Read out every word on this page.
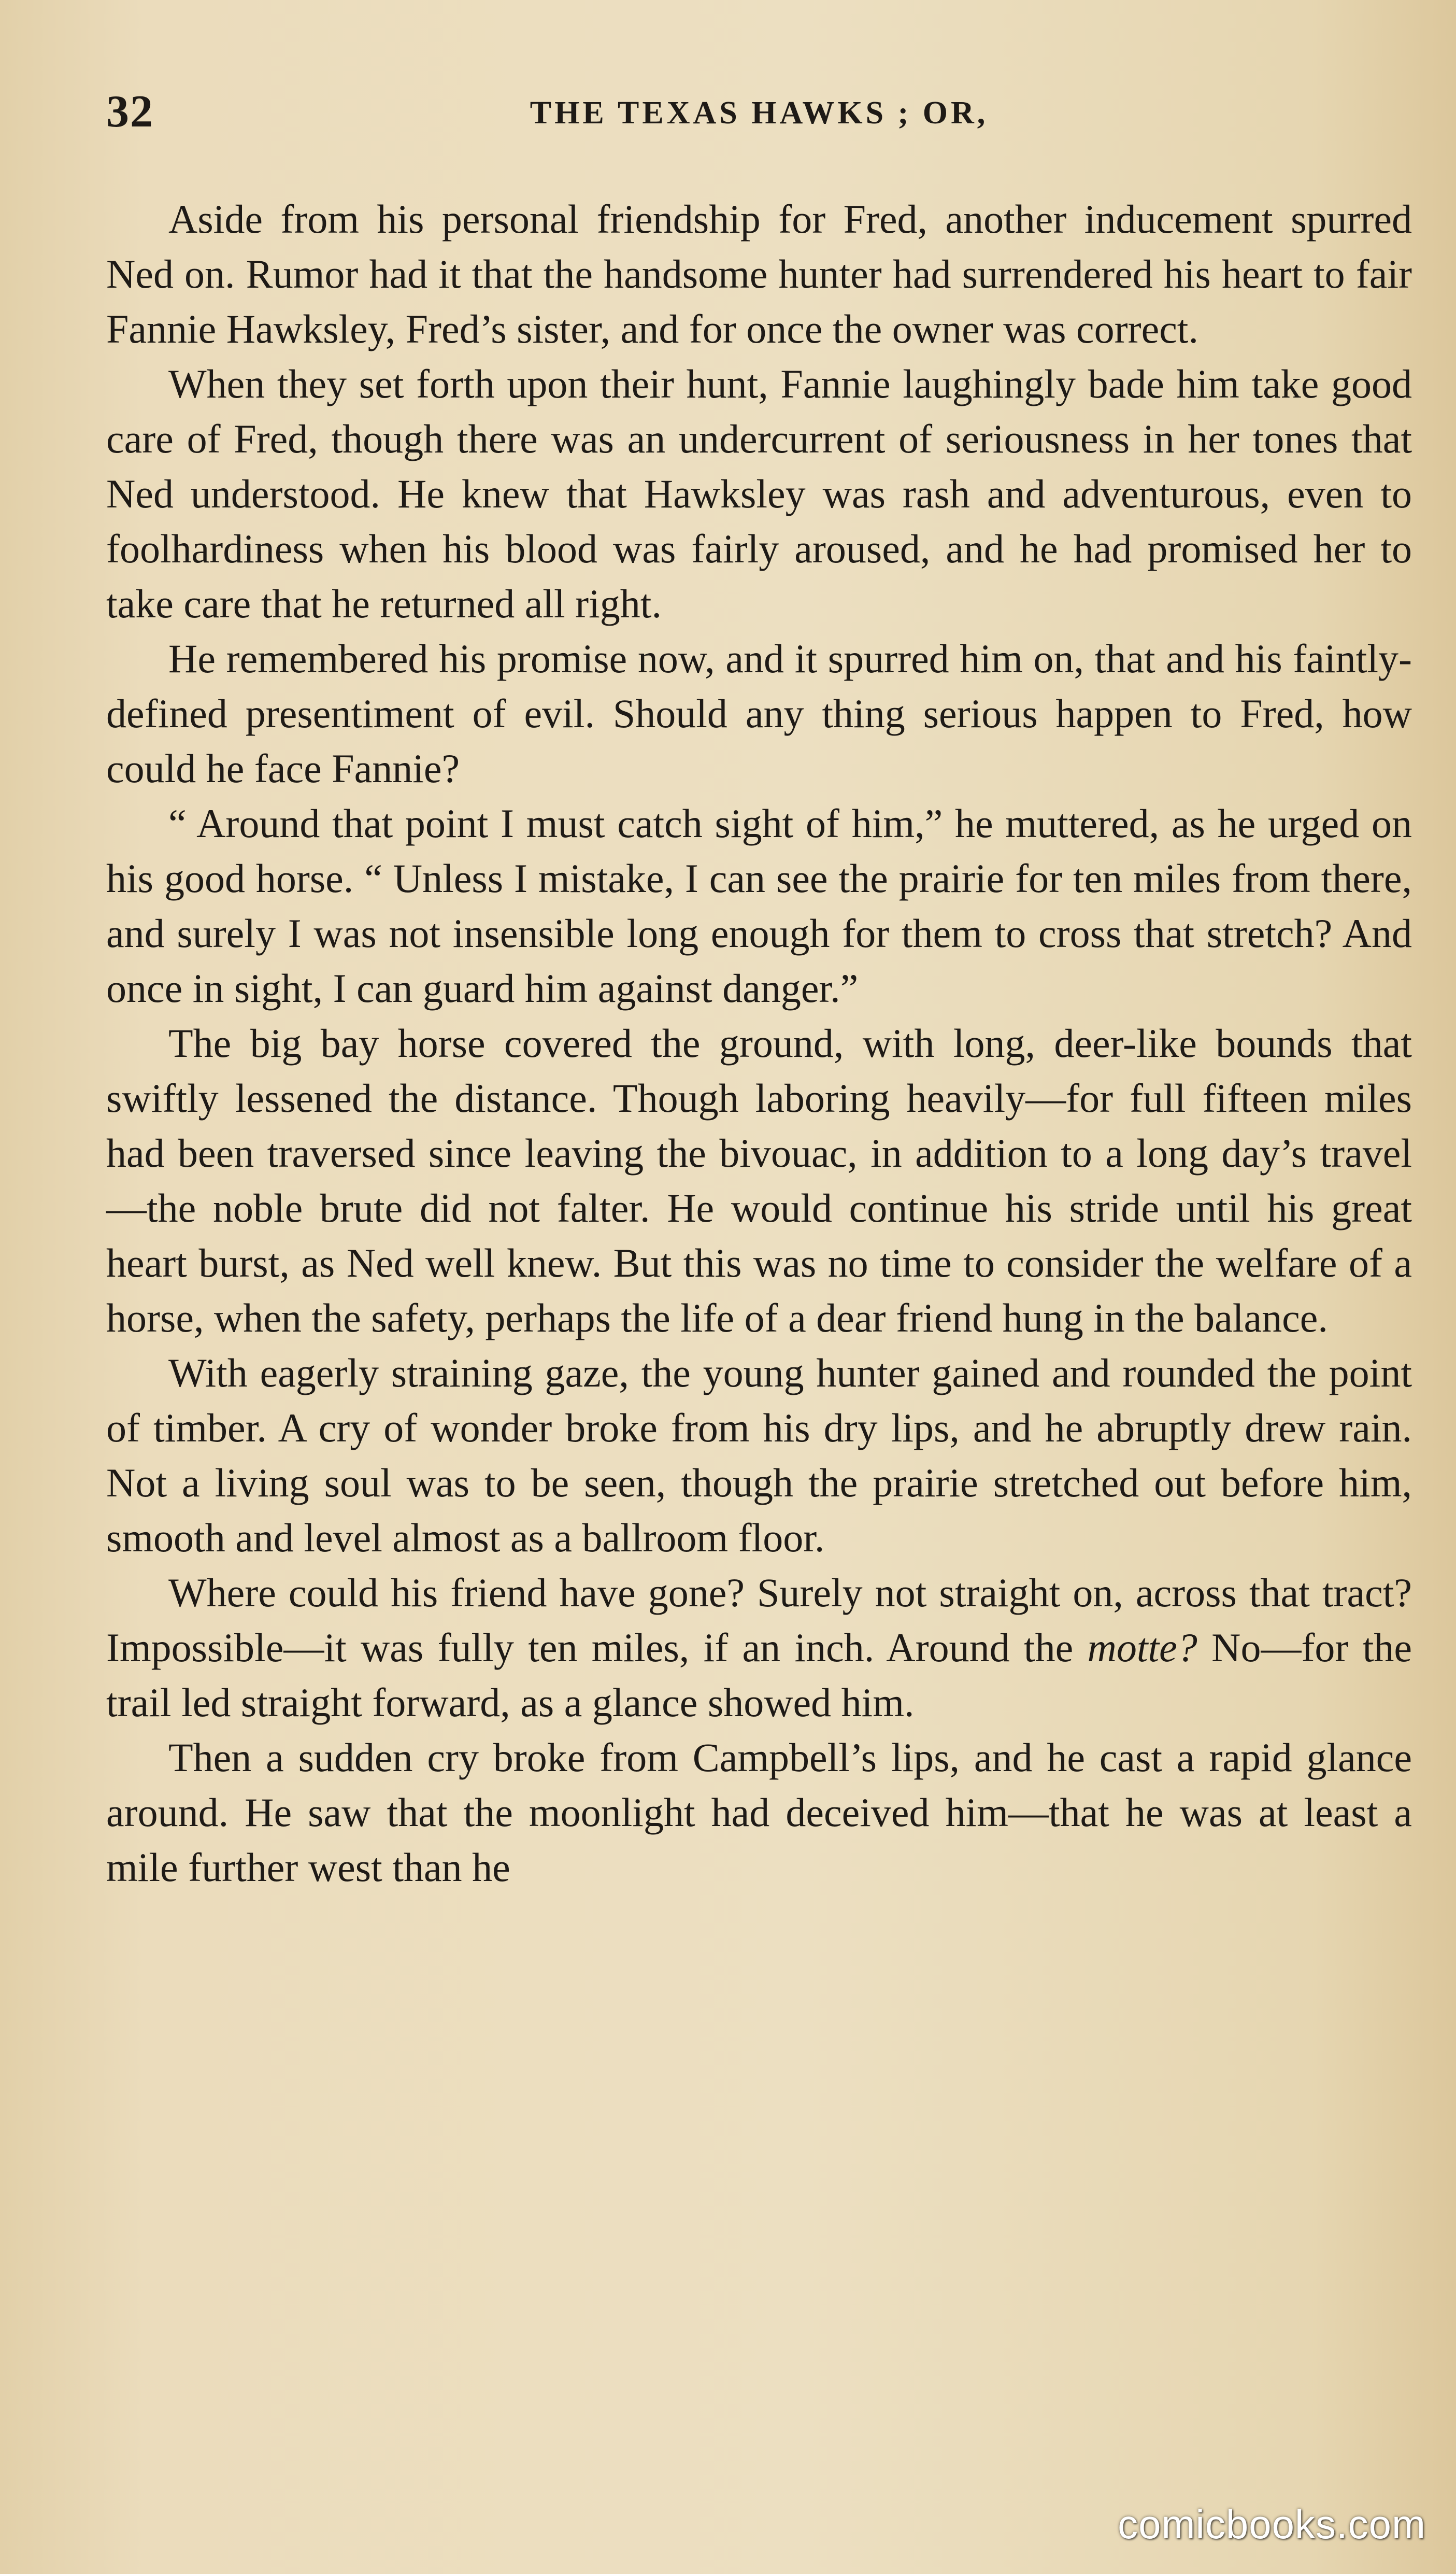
32	THE TEXAS HAWKS ; OR,

Aside from his personal friendship for Fred, another inducement spurred Ned on. Rumor had it that the handsome hunter had surrendered his heart to fair Fannie Hawksley, Fred’s sister, and for once the owner was correct.

When they set forth upon their hunt, Fannie laughingly bade him take good care of Fred, though there was an undercurrent of seriousness in her tones that Ned understood. He knew that Hawksley was rash and adventurous, even to foolhardiness when his blood was fairly aroused, and he had promised her to take care that he returned all right.

He remembered his promise now, and it spurred him on, that and his faintly-defined presentiment of evil. Should any thing serious happen to Fred, how could he face Fannie?

“ Around that point I must catch sight of him,” he muttered, as he urged on his good horse. “ Unless I mistake, I can see the prairie for ten miles from there, and surely I was not insensible long enough for them to cross that stretch? And once in sight, I can guard him against danger.”

The big bay horse covered the ground, with long, deer-like bounds that swiftly lessened the distance. Though laboring heavily—for full fifteen miles had been traversed since leaving the bivouac, in addition to a long day’s travel —the noble brute did not falter. He would continue his stride until his great heart burst, as Ned well knew. But this was no time to consider the welfare of a horse, when the safety, perhaps the life of a dear friend hung in the balance.

With eagerly straining gaze, the young hunter gained and rounded the point of timber. A cry of wonder broke from his dry lips, and he abruptly drew rain. Not a living soul was to be seen, though the prairie stretched out before him, smooth and level almost as a ballroom floor.

Where could his friend have gone? Surely not straight on, across that tract? Impossible—it was fully ten miles, if an inch. Around the motte? No—for the trail led straight forward, as a glance showed him.

Then a sudden cry broke from Campbell’s lips, and he cast a rapid glance around. He saw that the moonlight had deceived him—that he was at least a mile further west than he

comicbooks.com
